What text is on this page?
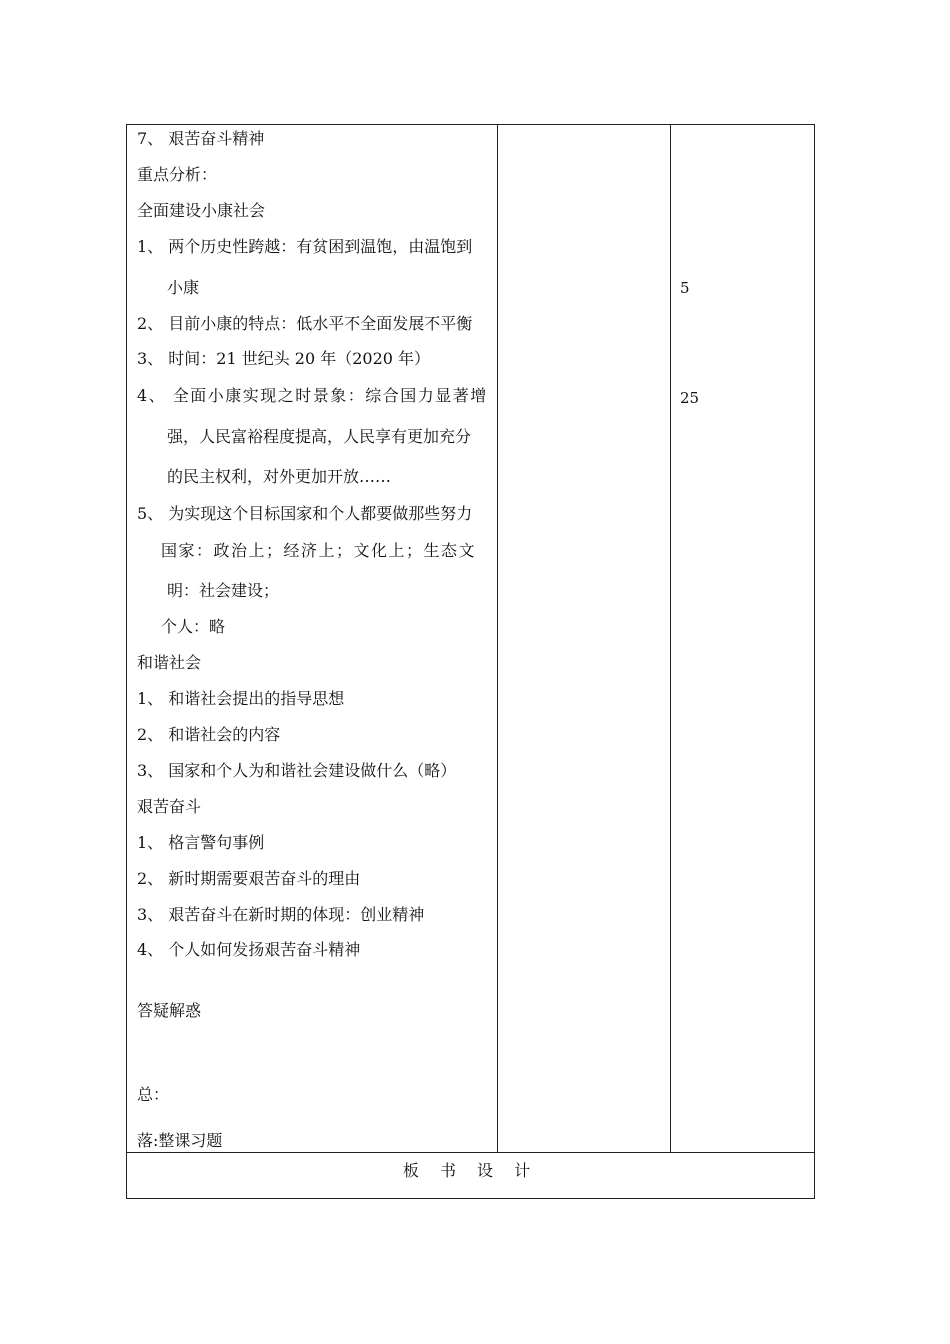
7、 艰苦奋斗精神
重点分析：
全面建设小康社会
1、 两个历史性跨越：有贫困到温饱，由温饱到
小康
2、 目前小康的特点：低水平不全面发展不平衡
3、 时间：21 世纪头 20 年（2020 年）
4、 全面小康实现之时景象：综合国力显著增
强，人民富裕程度提高，人民享有更加充分
的民主权利，对外更加开放……
5、 为实现这个目标国家和个人都要做那些努力
国家：政治上；经济上；文化上；生态文
明：社会建设；
个人：略
和谐社会
1、 和谐社会提出的指导思想
2、 和谐社会的内容
3、 国家和个人为和谐社会建设做什么（略）
艰苦奋斗
1、 格言警句事例
2、 新时期需要艰苦奋斗的理由
3、 艰苦奋斗在新时期的体现：创业精神
4、 个人如何发扬艰苦奋斗精神
答疑解惑
总：
落:整课习题
5
25
板 书 设 计
